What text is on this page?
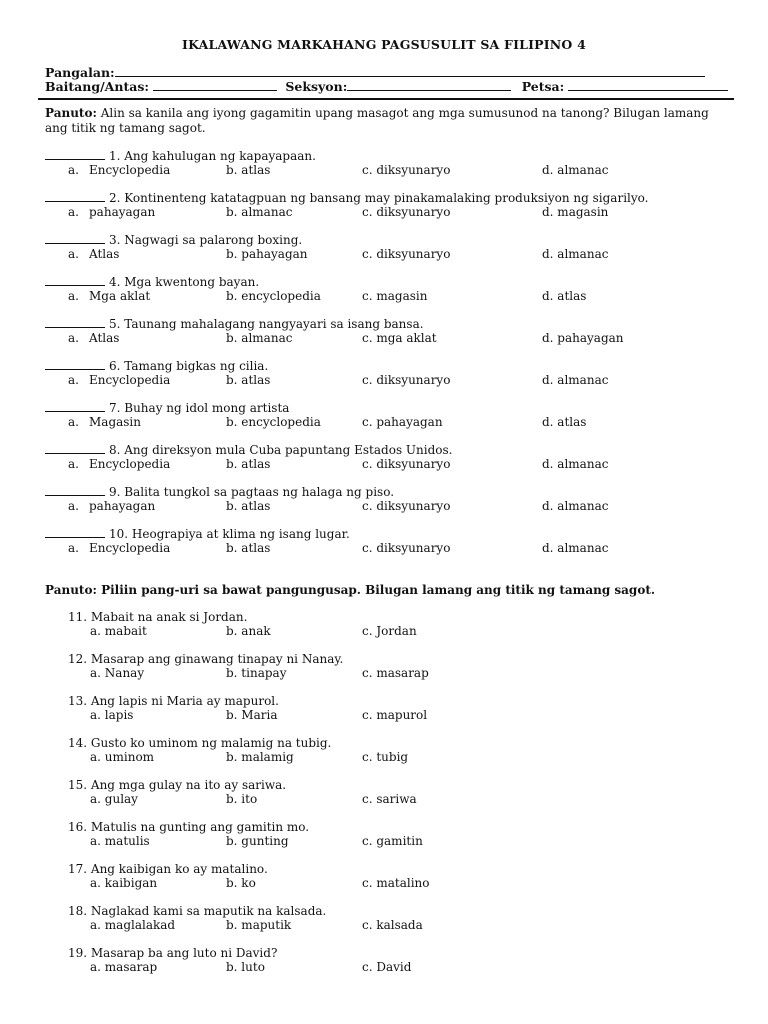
IKALAWANG MARKAHANG PAGSUSULIT SA FILIPINO 4
Pangalan:
Baitang/Antas:	Seksyon:	Petsa:
Panuto: Alin sa kanila ang iyong gagamitin upang masagot ang mga sumusunod na tanong? Bilugan lamang ang titik ng tamang sagot.
1. Ang kahulugan ng kapayapaan.
a. Encyclopedia	b. atlas	c. diksyunaryo	d. almanac
2. Kontinenteng katatagpuan ng bansang may pinakamalaking produksiyon ng sigarilyo.
a. pahayagan	b. almanac	c. diksyunaryo	d. magasin
3. Nagwagi sa palarong boxing.
a. Atlas	b. pahayagan	c. diksyunaryo	d. almanac
4. Mga kwentong bayan.
a. Mga aklat	b. encyclopedia	c. magasin	d. atlas
5. Taunang mahalagang nangyayari sa isang bansa.
a. Atlas	b. almanac	c. mga aklat	d. pahayagan
6. Tamang bigkas ng cilia.
a. Encyclopedia	b. atlas	c. diksyunaryo	d. almanac
7. Buhay ng idol mong artista
a. Magasin	b. encyclopedia	c. pahayagan	d. atlas
8. Ang direksyon mula Cuba papuntang Estados Unidos.
a. Encyclopedia	b. atlas	c. diksyunaryo	d. almanac
9. Balita tungkol sa pagtaas ng halaga ng piso.
a. pahayagan	b. atlas	c. diksyunaryo	d. almanac
10. Heograpiya at klima ng isang lugar.
a. Encyclopedia	b. atlas	c. diksyunaryo	d. almanac
Panuto: Piliin pang-uri sa bawat pangungusap. Bilugan lamang ang titik ng tamang sagot.
11. Mabait na anak si Jordan.
a. mabait	b. anak	c. Jordan
12. Masarap ang ginawang tinapay ni Nanay.
a. Nanay	b. tinapay	c. masarap
13. Ang lapis ni Maria ay mapurol.
a. lapis	b. Maria	c. mapurol
14. Gusto ko uminom ng malamig na tubig.
a. uminom	b. malamig	c. tubig
15. Ang mga gulay na ito ay sariwa.
a. gulay	b. ito	c. sariwa
16. Matulis na gunting ang gamitin mo.
a. matulis	b. gunting	c. gamitin
17. Ang kaibigan ko ay matalino.
a. kaibigan	b. ko	c. matalino
18. Naglakad kami sa maputik na kalsada.
a. maglalakad	b. maputik	c. kalsada
19. Masarap ba ang luto ni David?
a. masarap	b. luto	c. David
